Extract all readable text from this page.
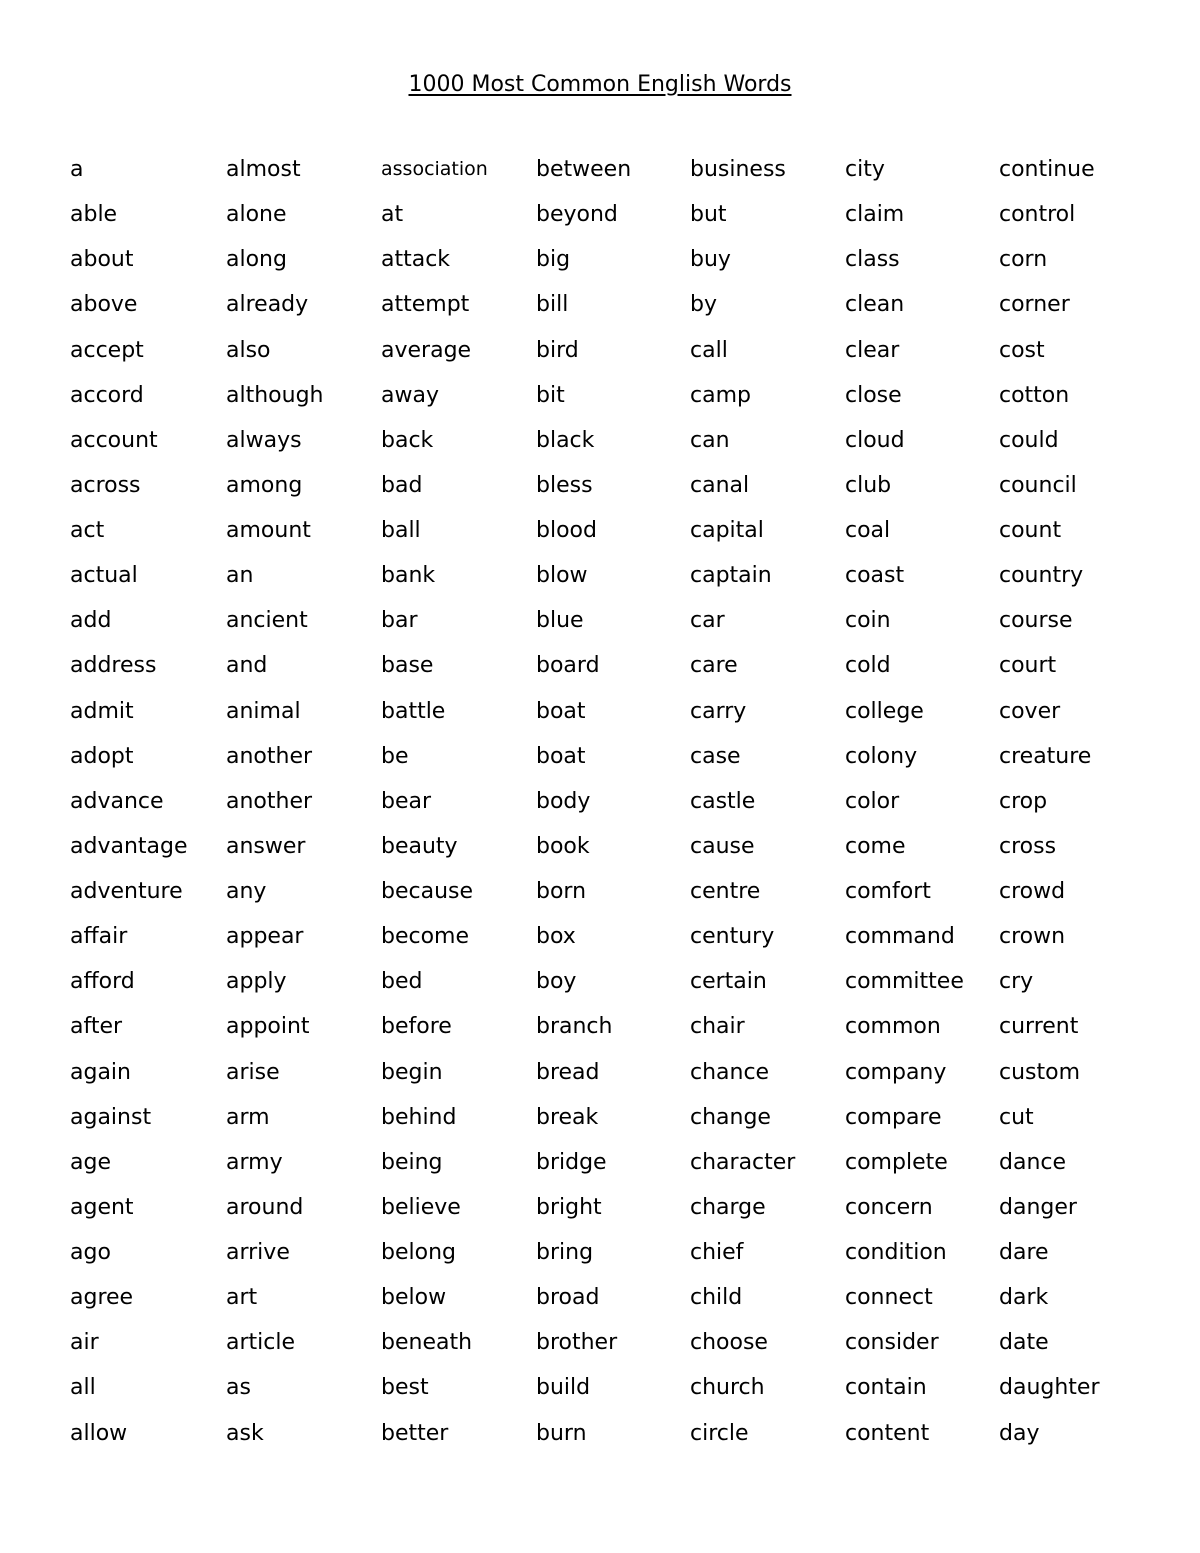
1000 Most Common English Words
a
able
about
above
accept
accord
account
across
act
actual
add
address
admit
adopt
advance
advantage
adventure
affair
afford
after
again
against
age
agent
ago
agree
air
all
allow
almost
alone
along
already
also
although
always
among
amount
an
ancient
and
animal
another
another
answer
any
appear
apply
appoint
arise
arm
army
around
arrive
art
article
as
ask
association
at
attack
attempt
average
away
back
bad
ball
bank
bar
base
battle
be
bear
beauty
because
become
bed
before
begin
behind
being
believe
belong
below
beneath
best
better
between
beyond
big
bill
bird
bit
black
bless
blood
blow
blue
board
boat
boat
body
book
born
box
boy
branch
bread
break
bridge
bright
bring
broad
brother
build
burn
business
but
buy
by
call
camp
can
canal
capital
captain
car
care
carry
case
castle
cause
centre
century
certain
chair
chance
change
character
charge
chief
child
choose
church
circle
city
claim
class
clean
clear
close
cloud
club
coal
coast
coin
cold
college
colony
color
come
comfort
command
committee
common
company
compare
complete
concern
condition
connect
consider
contain
content
continue
control
corn
corner
cost
cotton
could
council
count
country
course
court
cover
creature
crop
cross
crowd
crown
cry
current
custom
cut
dance
danger
dare
dark
date
daughter
day
